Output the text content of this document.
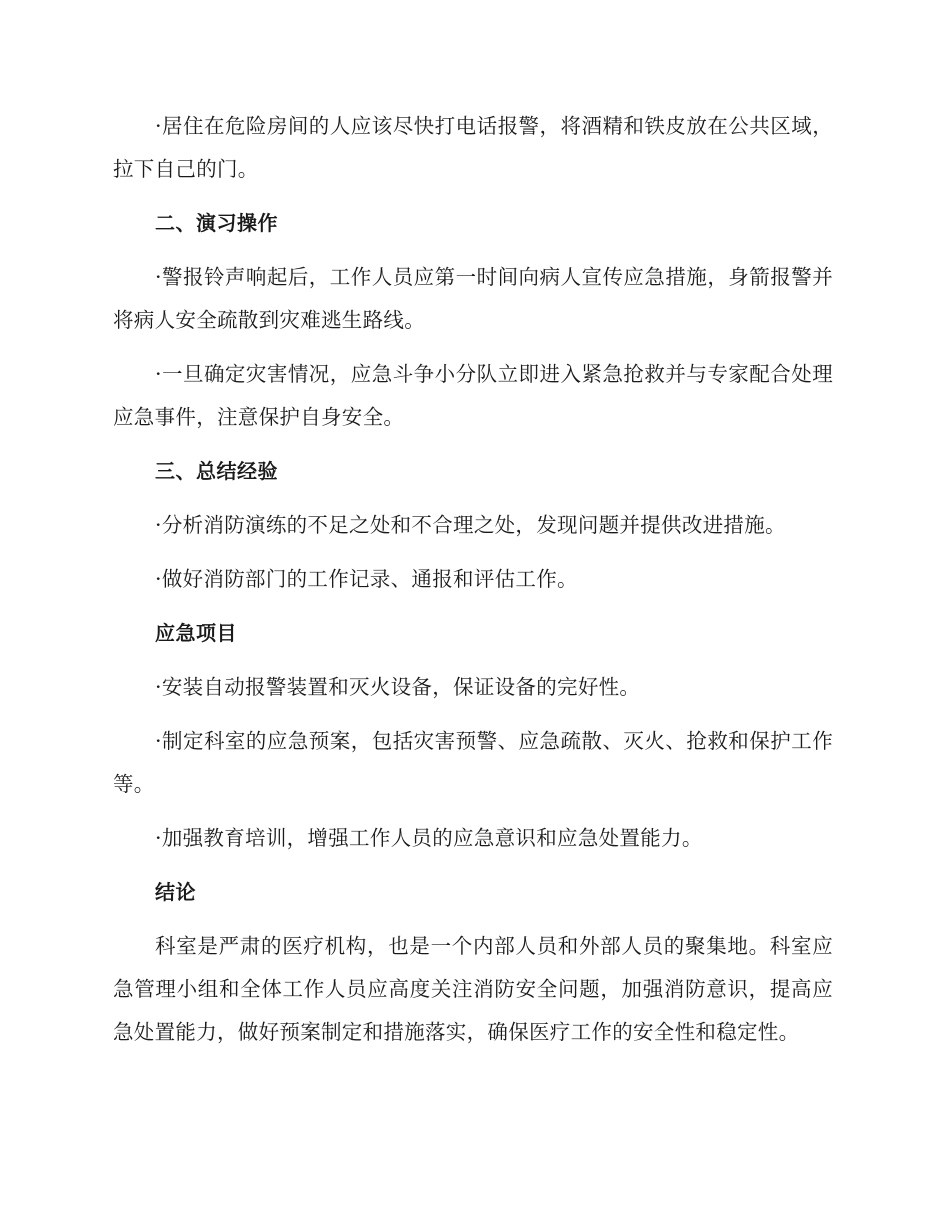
·居住在危险房间的人应该尽快打电话报警，将酒精和铁皮放在公共区域，拉下自己的门。

二、演习操作

·警报铃声响起后，工作人员应第一时间向病人宣传应急措施，身箭报警并将病人安全疏散到灾难逃生路线。

·一旦确定灾害情况，应急斗争小分队立即进入紧急抢救并与专家配合处理应急事件，注意保护自身安全。

三、总结经验

·分析消防演练的不足之处和不合理之处，发现问题并提供改进措施。

·做好消防部门的工作记录、通报和评估工作。

应急项目

·安装自动报警装置和灭火设备，保证设备的完好性。

·制定科室的应急预案，包括灾害预警、应急疏散、灭火、抢救和保护工作等。

·加强教育培训，增强工作人员的应急意识和应急处置能力。

结论

科室是严肃的医疗机构，也是一个内部人员和外部人员的聚集地。科室应急管理小组和全体工作人员应高度关注消防安全问题，加强消防意识，提高应急处置能力，做好预案制定和措施落实，确保医疗工作的安全性和稳定性。
